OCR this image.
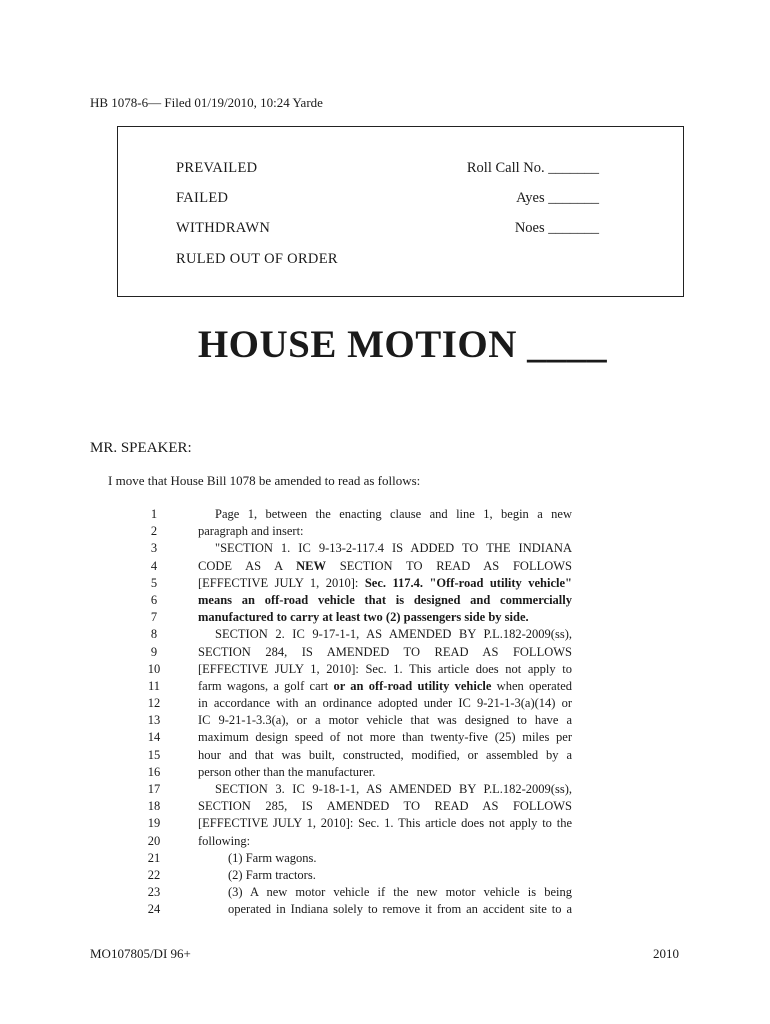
HB 1078-6— Filed 01/19/2010, 10:24 Yarde
PREVAILED
FAILED
WITHDRAWN
RULED OUT OF ORDER
Roll Call No. _______
Ayes _______
Noes _______
HOUSE MOTION ____
MR. SPEAKER:
I move that House Bill 1078 be amended to read as follows:
1
2
3
4
5
6
7
8
9
10
11
12
13
14
15
16
17
18
19
20
21
22
23
24
Page 1, between the enacting clause and line 1, begin a new
paragraph and insert:
"SECTION 1. IC 9-13-2-117.4 IS ADDED TO THE INDIANA
CODE AS A NEW SECTION TO READ AS FOLLOWS
[EFFECTIVE JULY 1, 2010]: Sec. 117.4. "Off-road utility vehicle"
means an off-road vehicle that is designed and commercially
manufactured to carry at least two (2) passengers side by side.
SECTION 2. IC 9-17-1-1, AS AMENDED BY P.L.182-2009(ss),
SECTION 284, IS AMENDED TO READ AS FOLLOWS
[EFFECTIVE JULY 1, 2010]: Sec. 1. This article does not apply to
farm wagons, a golf cart or an off-road utility vehicle when operated
in accordance with an ordinance adopted under IC 9-21-1-3(a)(14) or
IC 9-21-1-3.3(a), or a motor vehicle that was designed to have a
maximum design speed of not more than twenty-five (25) miles per
hour and that was built, constructed, modified, or assembled by a
person other than the manufacturer.
SECTION 3. IC 9-18-1-1, AS AMENDED BY P.L.182-2009(ss),
SECTION 285, IS AMENDED TO READ AS FOLLOWS
[EFFECTIVE JULY 1, 2010]: Sec. 1. This article does not apply to the
following:
(1) Farm wagons.
(2) Farm tractors.
(3) A new motor vehicle if the new motor vehicle is being
operated in Indiana solely to remove it from an accident site to a
MO107805/DI 96+	2010
